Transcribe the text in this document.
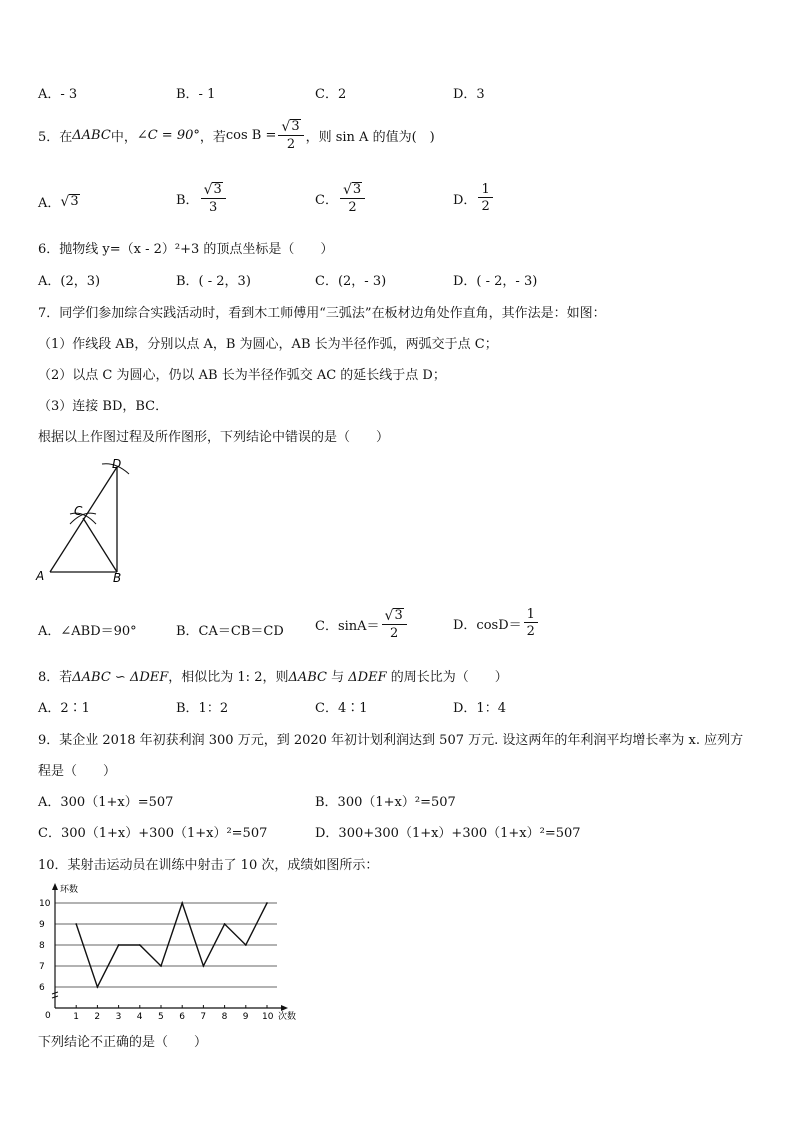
A．- 3	B．- 1	C．2	D．3
5．在 ΔABC 中， ∠C = 90° ，若 $\cos B = \frac{√ 3}{2}$ ，则 sin A 的值为(　)
A． √ 3	B． $\frac{√ 3}{3}$	C． $\frac{√ 3}{2}$	D． $\frac{1}{2}$
6．抛物线 y=（x - 2）²+3 的顶点坐标是（　　）
A．(2，3)	B．( - 2，3)	C．(2，- 3)	D．( - 2，- 3)
7．同学们参加综合实践活动时，看到木工师傅用“三弧法”在板材边角处作直角，其作法是：如图：
（1）作线段 AB，分别以点 A，B 为圆心，AB 长为半径作弧，两弧交于点 C；
（2）以点 C 为圆心，仍以 AB 长为半径作弧交 AC 的延长线于点 D；
（3）连接 BD，BC．
根据以上作图过程及所作图形，下列结论中错误的是（　　）
A	B
C
D
A．∠ABD＝90°	B．CA＝CB＝CD C．$\sin A= \frac{√ 3}{2}$	D．$\cos D= \frac{1}{2}$
8．若ΔABC ∽ ΔDEF，相似比为 1: 2，则ΔABC 与 ΔDEF 的周长比为（　　）
A．2∶1	B．1：2	C．4∶1	D．1：4
9．某企业 2018 年初获利润 300 万元，到 2020 年初计划利润达到 507 万元. 设这两年的年利润平均增长率为 x. 应列方
程是（　　）
A．300（1+x）=507	B．300（1+x）²=507
C．300（1+x）+300（1+x）²=507	D．300+300（1+x）+300（1+x）²=507
10．某射击运动员在训练中射击了 10 次，成绩如图所示：
6
7
8
9
10
1 2 3 4 5 6 7 8 9 10
环数
次数
0
下列结论不正确的是（　　）
